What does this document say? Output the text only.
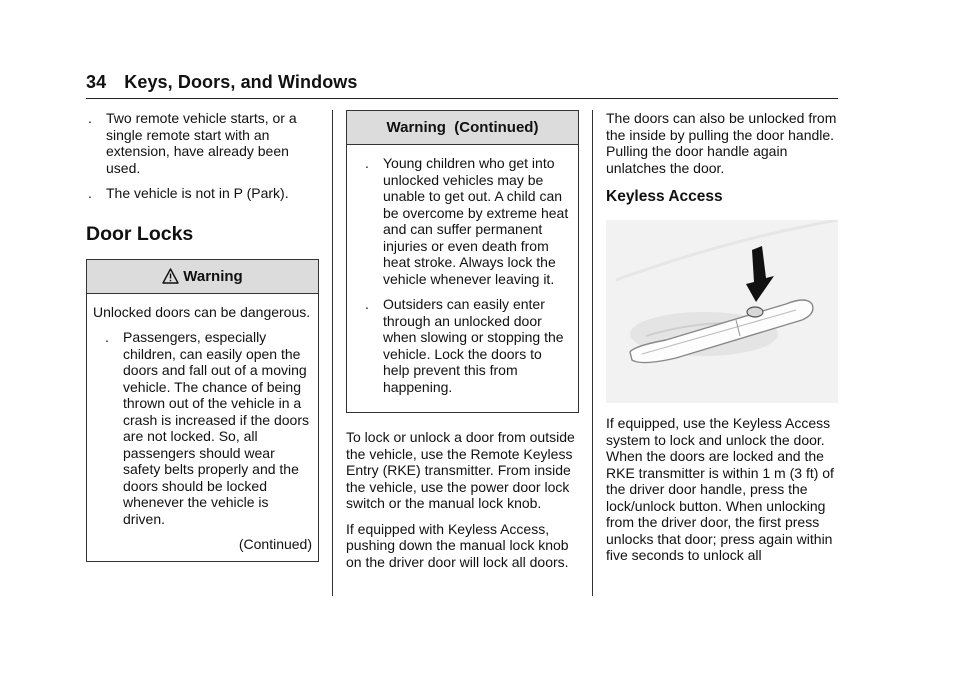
34 Keys, Doors, and Windows
.	Two remote vehicle starts, or a single remote start with an extension, have already been used.
.	The vehicle is not in P (Park).
Door Locks
Warning
Unlocked doors can be dangerous.
.	Passengers, especially children, can easily open the doors and fall out of a moving vehicle. The chance of being thrown out of the vehicle in a crash is increased if the doors are not locked. So, all passengers should wear safety belts properly and the doors should be locked whenever the vehicle is driven.
(Continued)
Warning  (Continued)
.	Young children who get into unlocked vehicles may be unable to get out. A child can be overcome by extreme heat and can suffer permanent injuries or even death from heat stroke. Always lock the vehicle whenever leaving it.
.	Outsiders can easily enter through an unlocked door when slowing or stopping the vehicle. Lock the doors to help prevent this from happening.
To lock or unlock a door from outside the vehicle, use the Remote Keyless Entry (RKE) transmitter. From inside the vehicle, use the power door lock switch or the manual lock knob.
If equipped with Keyless Access, pushing down the manual lock knob on the driver door will lock all doors.
The doors can also be unlocked from the inside by pulling the door handle. Pulling the door handle again unlatches the door.
Keyless Access
If equipped, use the Keyless Access system to lock and unlock the door. When the doors are locked and the RKE transmitter is within 1 m (3 ft) of the driver door handle, press the lock/unlock button. When unlocking from the driver door, the first press unlocks that door; press again within five seconds to unlock all
